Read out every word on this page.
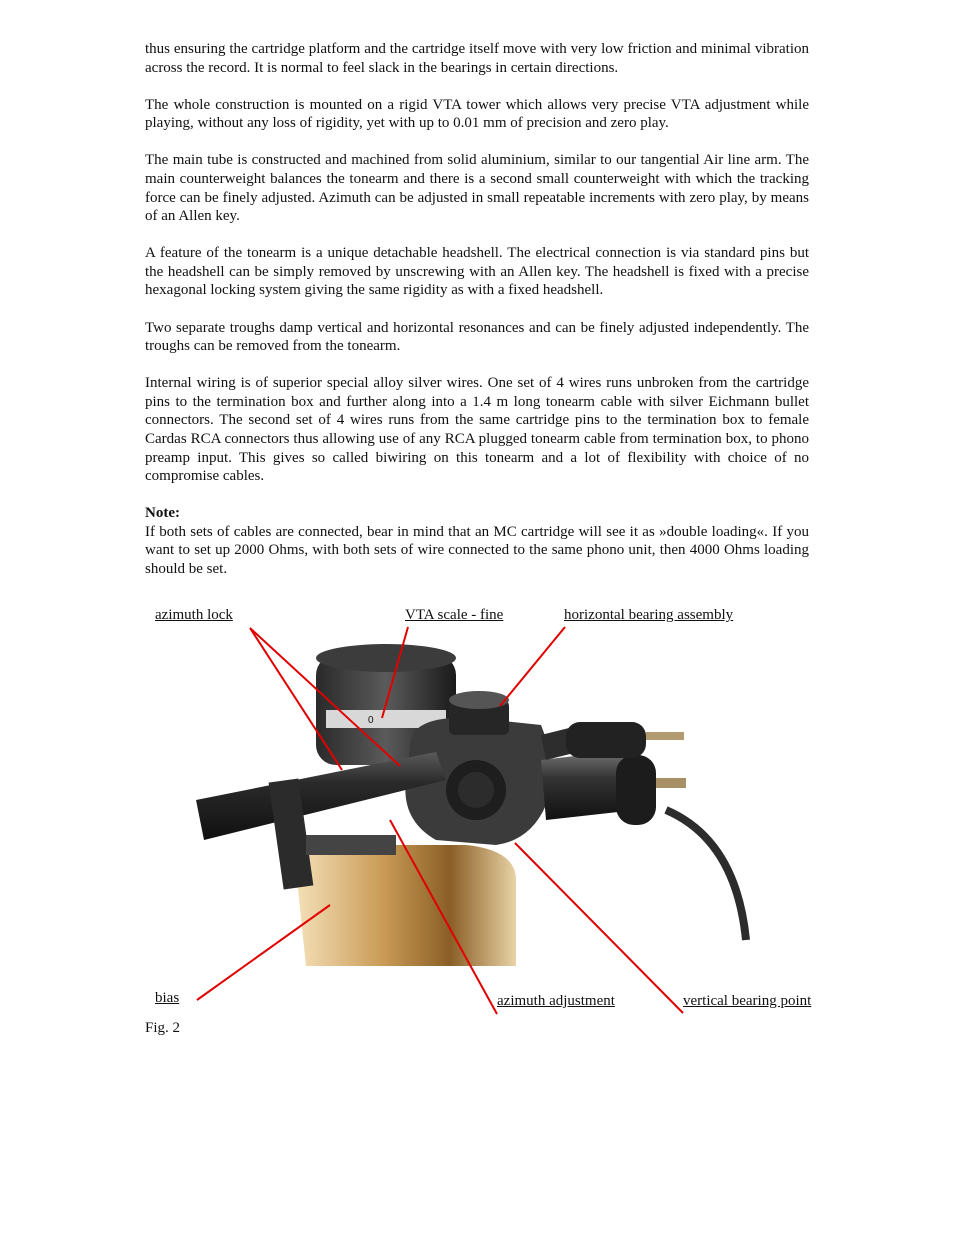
thus ensuring the cartridge platform and the cartridge itself move with very low friction and minimal vibration across the record. It is normal to feel slack in the bearings in certain directions.

The whole construction is mounted on a rigid VTA tower which allows very precise VTA adjustment while playing, without any loss of rigidity, yet with up to 0.01 mm of precision and zero play.

The main tube is constructed and machined from solid aluminium, similar to our tangential Air line arm. The main counterweight balances the tonearm and there is a second small counterweight with which the tracking force can be finely adjusted. Azimuth can be adjusted in small repeatable increments with zero play, by means of an Allen key.

A feature of the tonearm is a unique detachable headshell. The electrical connection is via standard pins but the headshell can be simply removed by unscrewing with an Allen key. The headshell is fixed with a precise hexagonal locking system giving the same rigidity as with a fixed headshell.

Two separate troughs damp vertical and horizontal resonances and can be finely adjusted independently. The troughs can be removed from the tonearm.

Internal wiring is of superior special alloy silver wires. One set of 4 wires runs unbroken from the cartridge pins to the termination box and further along into a 1.4 m long tonearm cable with silver Eichmann bullet connectors. The second set of 4 wires runs from the same cartridge pins to the termination box to female Cardas RCA connectors thus allowing use of any RCA plugged tonearm cable from termination box, to phono preamp input. This gives so called biwiring on this tonearm and a lot of flexibility with choice of no compromise cables.

Note:

If both sets of cables are connected, bear in mind that an MC cartridge will see it as »double loading«. If you want to set up 2000 Ohms, with both sets of wire connected to the same phono unit, then 4000 Ohms loading should be set.

0
azimuth lock	VTA scale - fine	horizontal bearing assembly
bias	azimuth adjustment	vertical bearing point
Fig. 2
